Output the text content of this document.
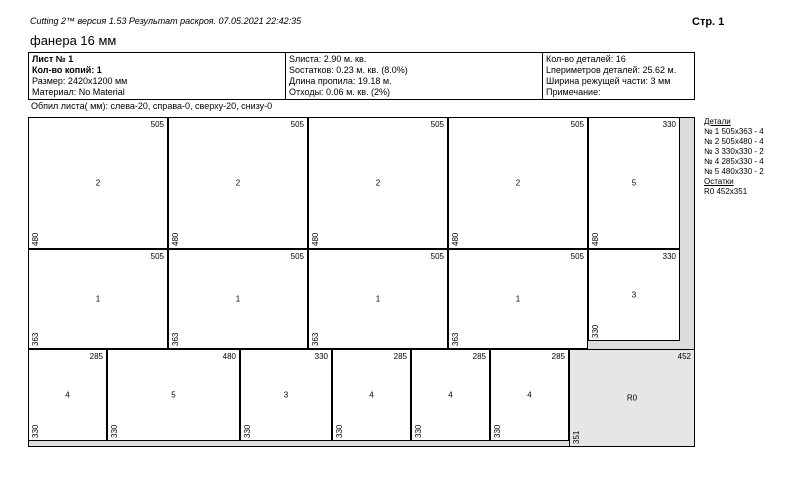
Cutting 2™ версия 1.53 Результат раскроя. 07.05.2021 22:42:35	Стр. 1
фанера 16 мм
Лист № 1
Кол-во копий: 1
Размер: 2420x1200 мм
Материал: No Material

Sлиста: 2.90 м. кв.
Sостатков: 0.23 м. кв. (8.0%)
Длина пропила: 19.18 м.
Отходы: 0.06 м. кв. (2%)

Кол-во деталей: 16
Lпериметров деталей: 25.62 м.
Ширина режущей части: 3 мм
Примечание:
Обпил листа( мм): слева-20, справа-0, сверху-20, снизу-0
505
2
480
505
2
480
505
2
480
505
2
480
330
5
480
505
1
363
505
1
363
505
1
363
505
1
363
330
3
330
285
4
330
480
5
330
330
3
330
285
4
330
285
4
330
285
4
330
452
R0
351
Детали
№ 1 505x363 - 4
№ 2 505x480 - 4
№ 3 330x330 - 2
№ 4 285x330 - 4
№ 5 480x330 - 2
Остатки
R0 452x351
